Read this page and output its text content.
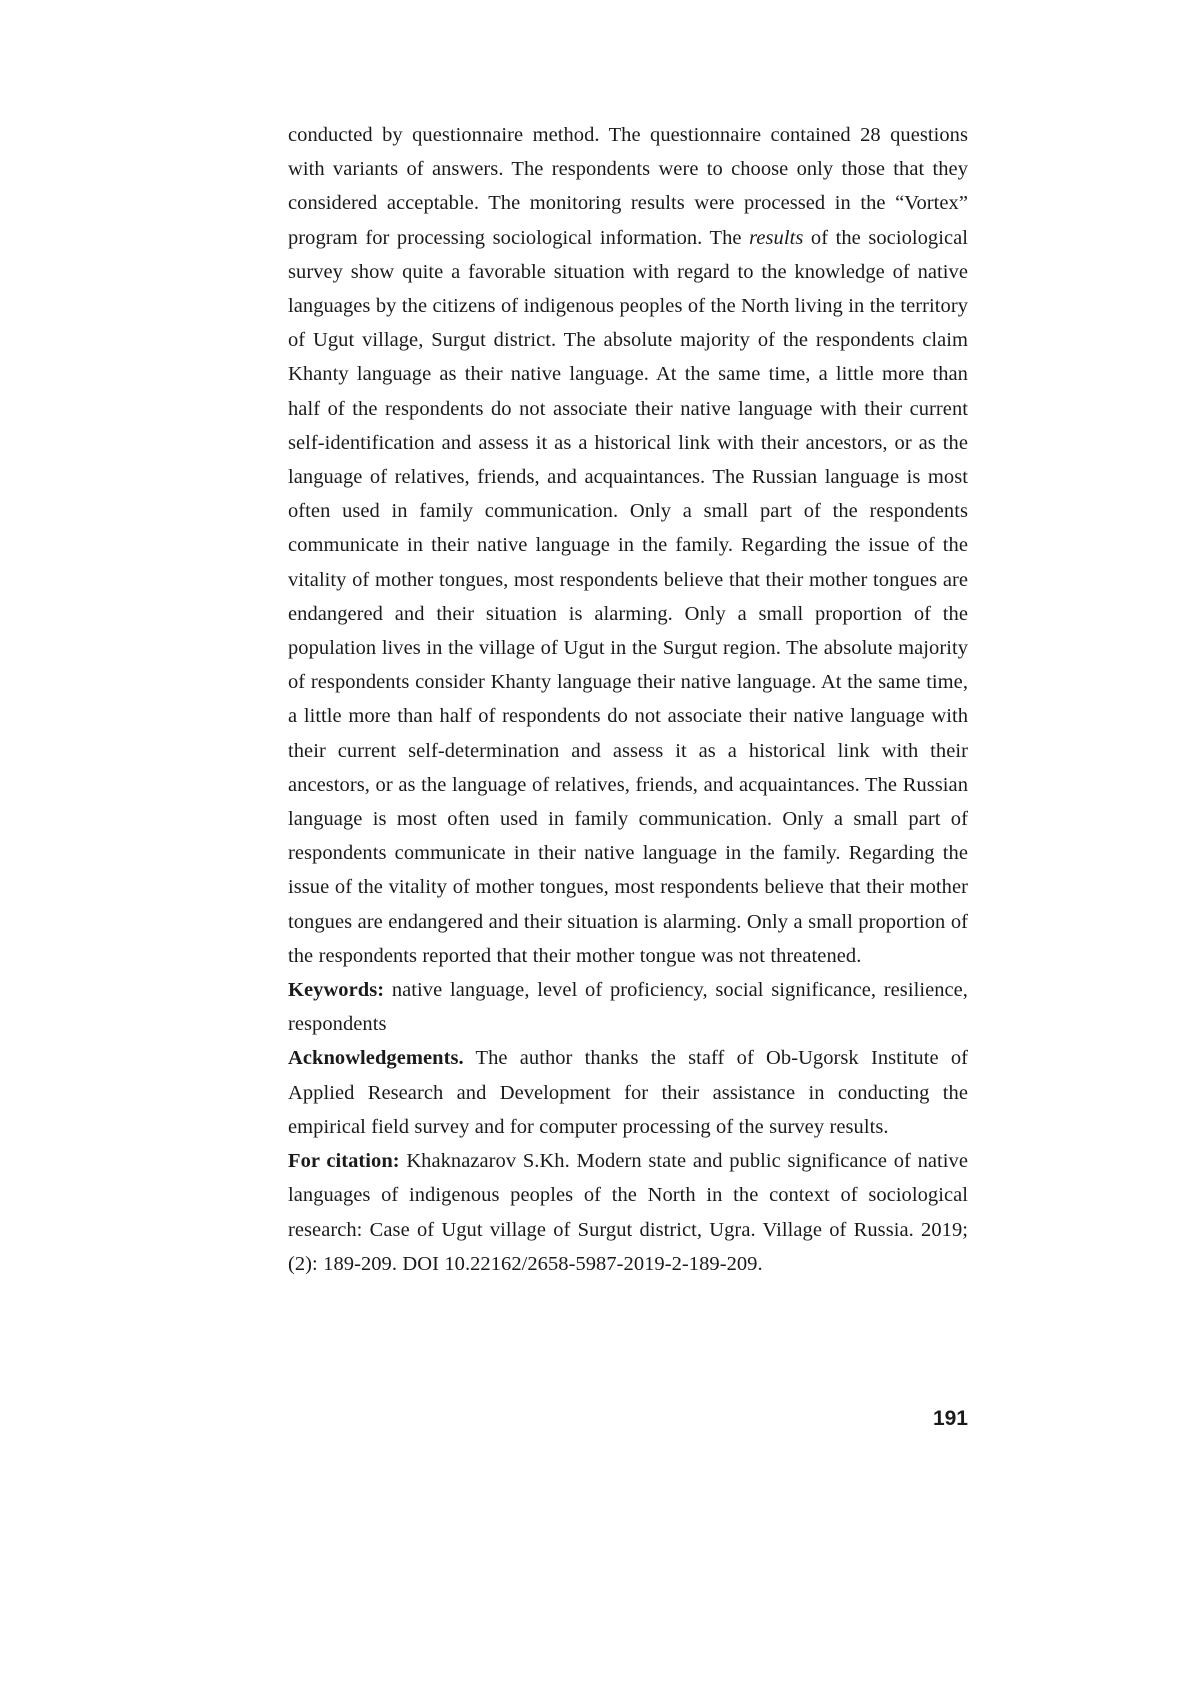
conducted by questionnaire method. The questionnaire contained 28 questions with variants of answers. The respondents were to choose only those that they considered acceptable. The monitoring results were processed in the “Vortex” program for processing sociological information. The results of the sociological survey show quite a favorable situation with regard to the knowledge of native languages by the citizens of indigenous peoples of the North living in the territory of Ugut village, Surgut district. The absolute majority of the respondents claim Khanty language as their native language. At the same time, a little more than half of the respondents do not associate their native language with their current self-identification and assess it as a historical link with their ancestors, or as the language of relatives, friends, and acquaintances. The Russian language is most often used in family communication. Only a small part of the respondents communicate in their native language in the family. Regarding the issue of the vitality of mother tongues, most respondents believe that their mother tongues are endangered and their situation is alarming. Only a small proportion of the population lives in the village of Ugut in the Surgut region. The absolute majority of respondents consider Khanty language their native language. At the same time, a little more than half of respondents do not associate their native language with their current self-determination and assess it as a historical link with their ancestors, or as the language of relatives, friends, and acquaintances. The Russian language is most often used in family communication. Only a small part of respondents communicate in their native language in the family. Regarding the issue of the vitality of mother tongues, most respondents believe that their mother tongues are endangered and their situation is alarming. Only a small proportion of the respondents reported that their mother tongue was not threatened.

Keywords: native language, level of proficiency, social significance, resilience, respondents

Acknowledgements. The author thanks the staff of Ob-Ugorsk Institute of Applied Research and Development for their assistance in conducting the empirical field survey and for computer processing of the survey results.

For citation: Khaknazarov S.Kh. Modern state and public significance of native languages of indigenous peoples of the North in the context of sociological research: Case of Ugut village of Surgut district, Ugra. Village of Russia. 2019; (2): 189-209. DOI 10.22162/2658-5987-2019-2-189-209.

191
